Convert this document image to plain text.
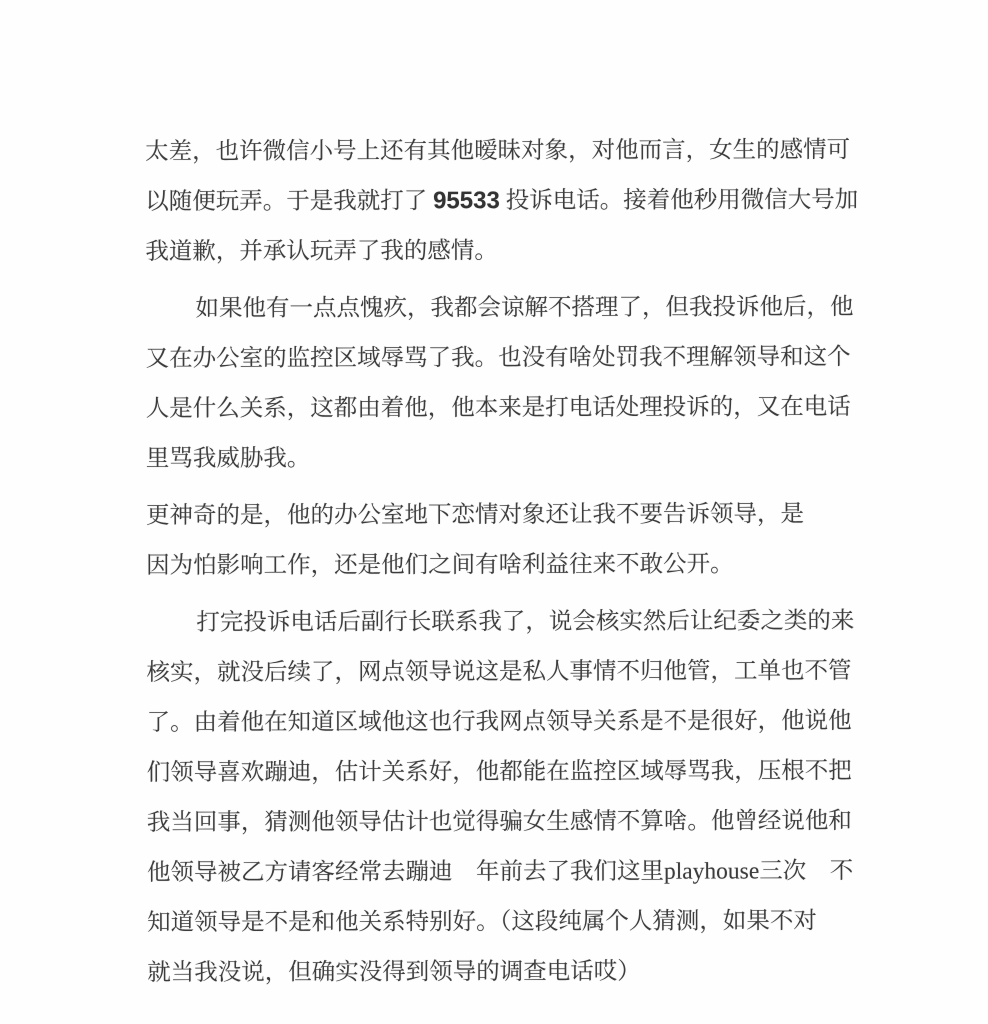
太差，也许微信小号上还有其他暧昧对象，对他而言，女生的感情可
以随便玩弄。于是我就打了 95533 投诉电话。接着他秒用微信大号加
我道歉，并承认玩弄了我的感情。
如果他有一点点愧疚，我都会谅解不搭理了，但我投诉他后，他
又在办公室的监控区域辱骂了我。也没有啥处罚我不理解领导和这个
人是什么关系，这都由着他，他本来是打电话处理投诉的，又在电话
里骂我威胁我。
更神奇的是，他的办公室地下恋情对象还让我不要告诉领导，是
因为怕影响工作，还是他们之间有啥利益往来不敢公开。
打完投诉电话后副行长联系我了，说会核实然后让纪委之类的来
核实，就没后续了，网点领导说这是私人事情不归他管，工单也不管
了。由着他在知道区域他这也行我网点领导关系是不是很好，他说他
们领导喜欢蹦迪，估计关系好，他都能在监控区域辱骂我，压根不把
我当回事，猜测他领导估计也觉得骗女生感情不算啥。他曾经说他和
他领导被乙方请客经常去蹦迪　年前去了我们这里playhouse三次　不
知道领导是不是和他关系特别好。（这段纯属个人猜测，如果不对
就当我没说，但确实没得到领导的调查电话哎）
